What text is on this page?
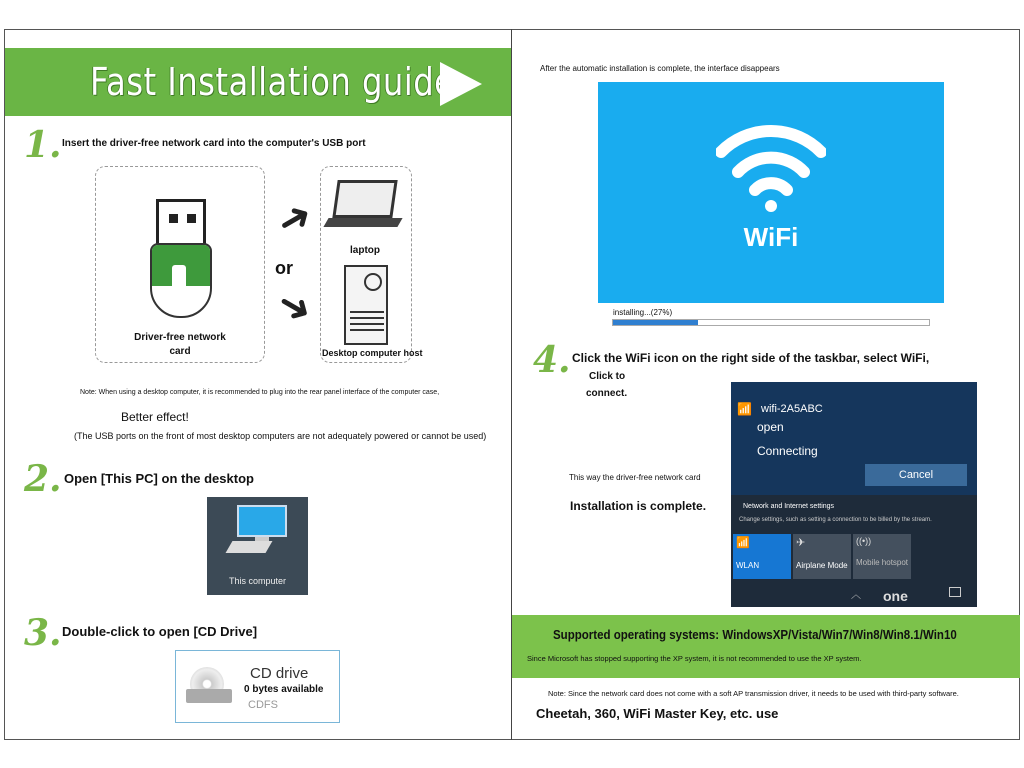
Fast Installation guide
1. Insert the driver-free network card into the computer's USB port
Driver-free network
card
➜
or
➜
laptop
Desktop computer host
Note: When using a desktop computer, it is recommended to plug into the rear panel interface of the computer case,
Better effect!
(The USB ports on the front of most desktop computers are not adequately powered or cannot be used)
2. Open [This PC] on the desktop
This computer
3. Double-click to open [CD Drive]
CD drive
0 bytes available
CDFS
After the automatic installation is complete, the interface disappears
WiFi
installing...(27%)
4. Click the WiFi icon on the right side of the taskbar, select WiFi,
Click to
connect.
This way the driver-free network card
Installation is complete.
📶 wifi-2A5ABC
open
Connecting
Cancel
Network and Internet settings
Change settings, such as setting a connection to be billed by the stream.
📶
WLAN
✈
Airplane Mode
((•))
Mobile hotspot
︿ one
Supported operating systems: WindowsXP/Vista/Win7/Win8/Win8.1/Win10
Since Microsoft has stopped supporting the XP system, it is not recommended to use the XP system.
Note: Since the network card does not come with a soft AP transmission driver, it needs to be used with third-party software.
Cheetah, 360, WiFi Master Key, etc. use
